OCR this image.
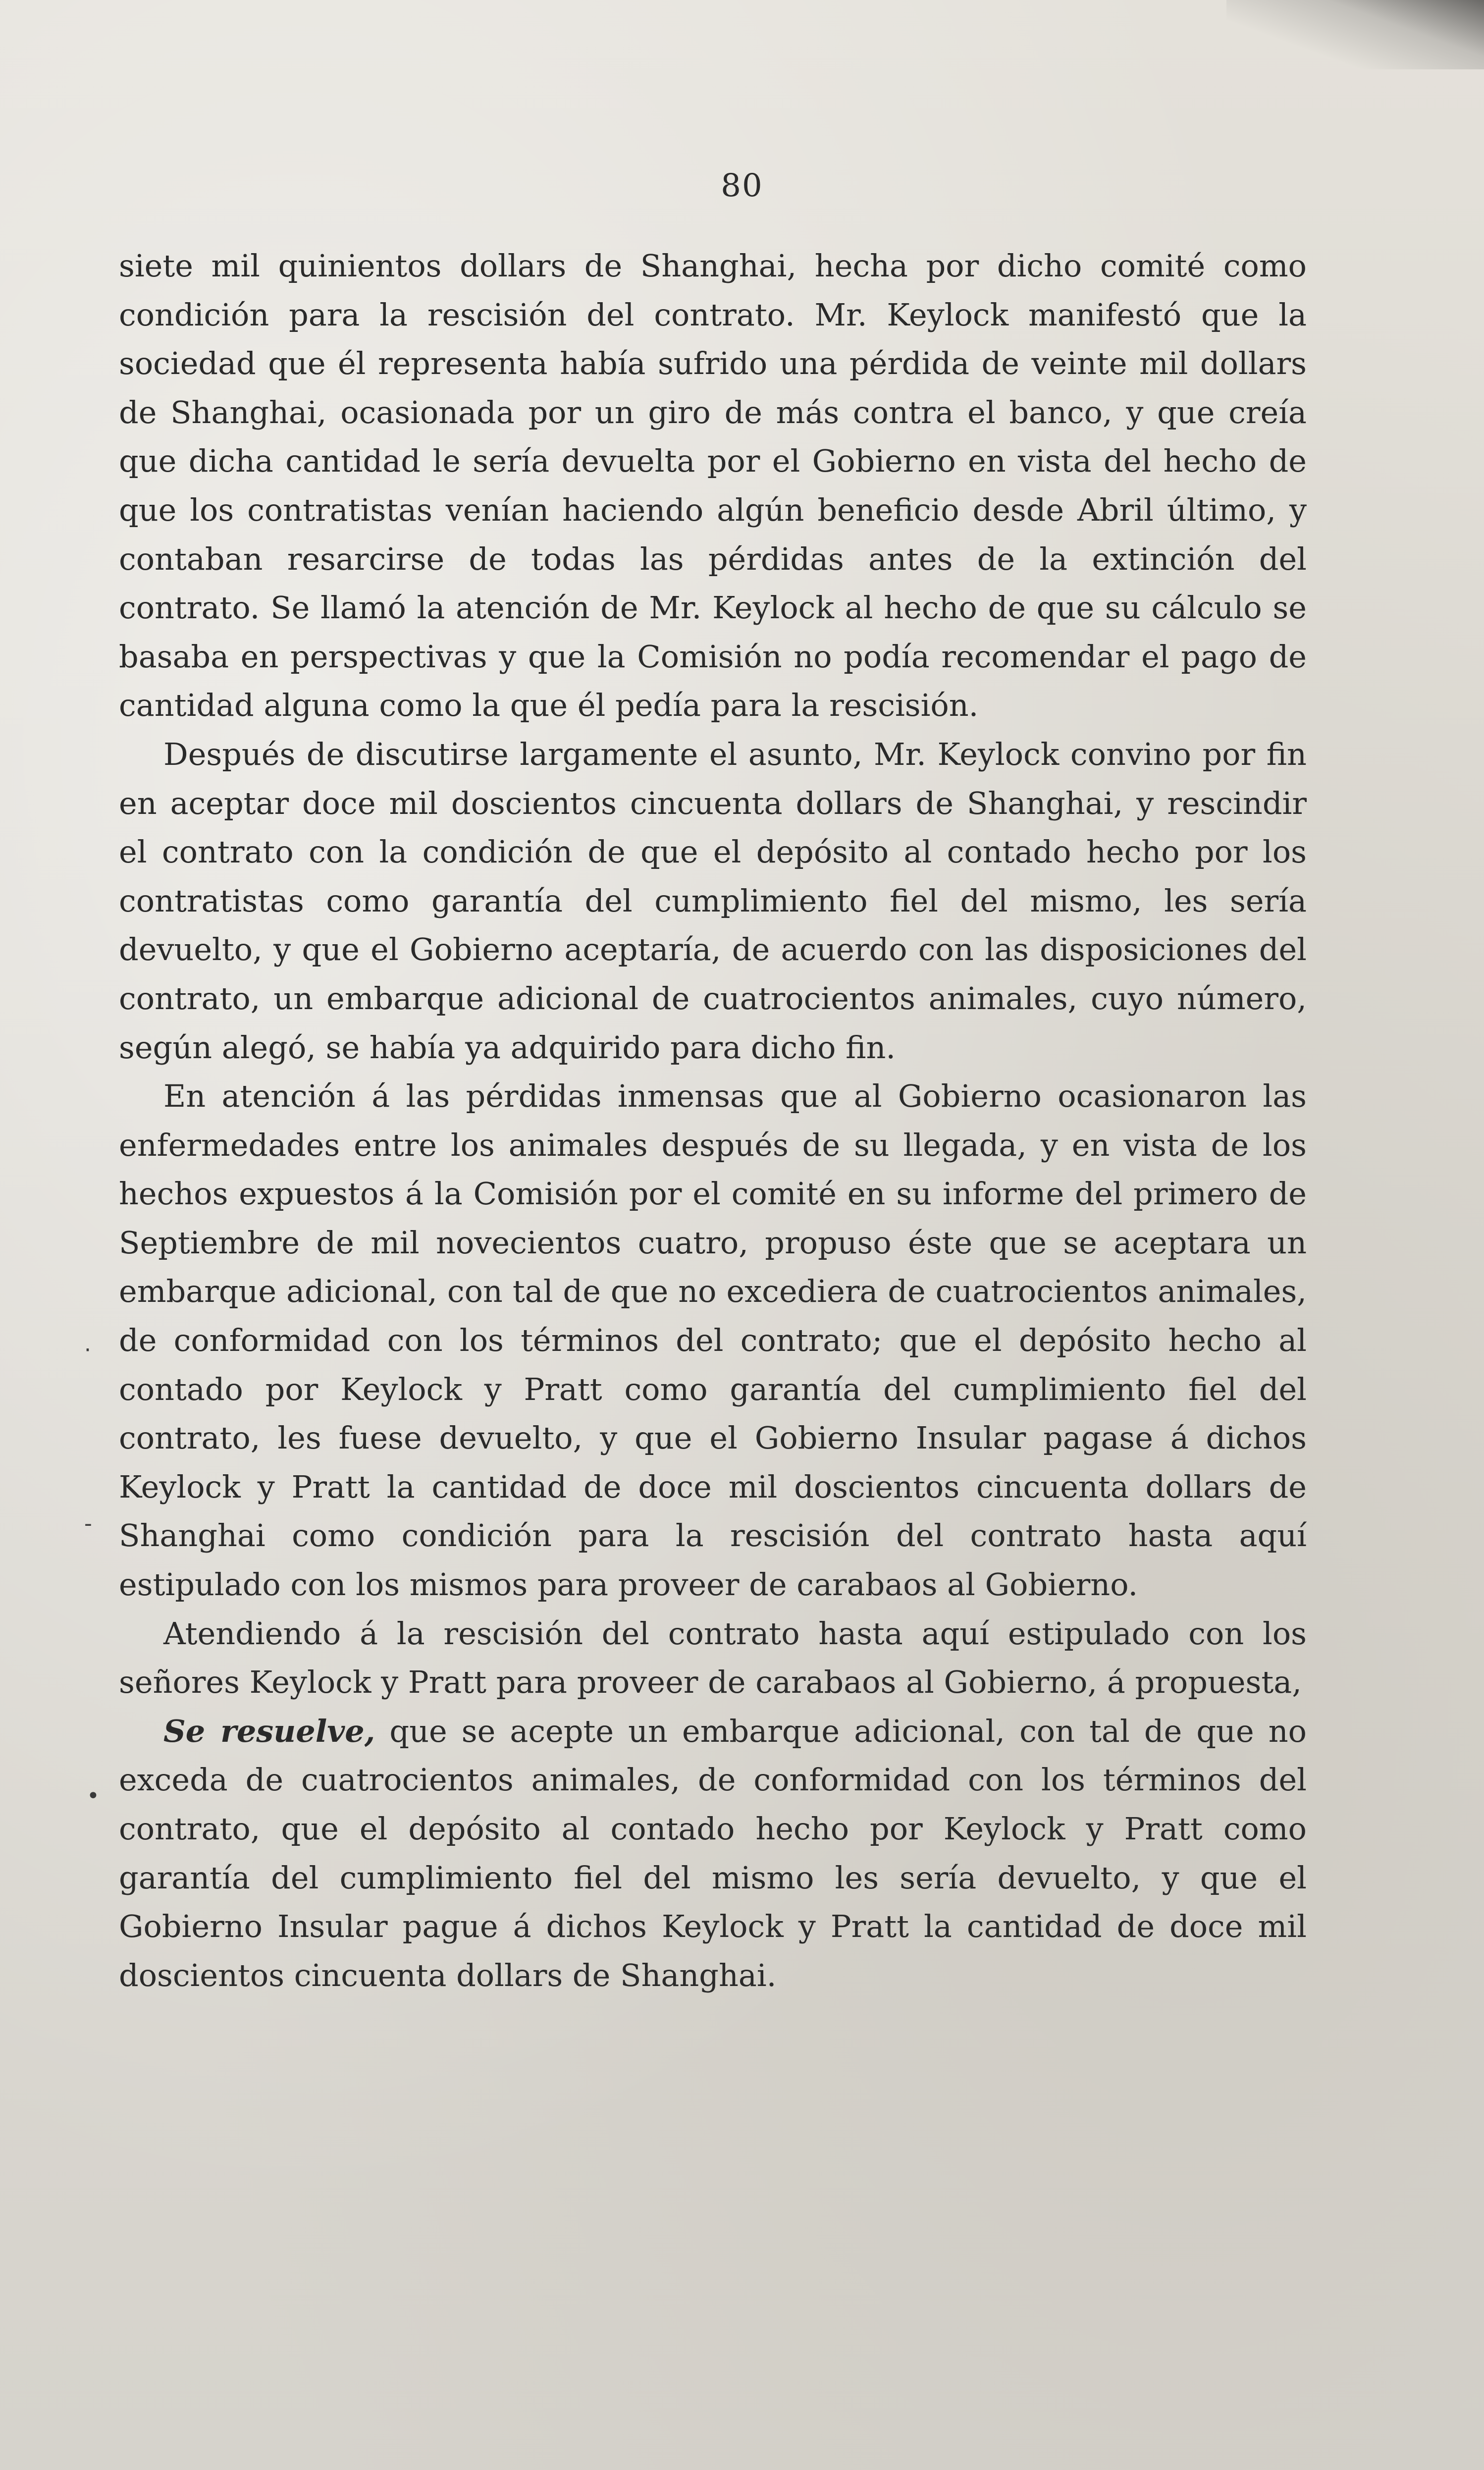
80

siete mil quinientos dollars de Shanghai, hecha por dicho comité como condición para la rescisión del contrato. Mr. Keylock manifestó que la sociedad que él representa había sufrido una pérdida de veinte mil dollars de Shanghai, ocasionada por un giro de más contra el banco, y que creía que dicha cantidad le sería devuelta por el Gobierno en vista del hecho de que los contratistas venían haciendo algún beneficio desde Abril último, y contaban resarcirse de todas las pérdidas antes de la extinción del contrato. Se llamó la atención de Mr. Keylock al hecho de que su cálculo se basaba en perspectivas y que la Comisión no podía recomendar el pago de cantidad alguna como la que él pedía para la rescisión.

Después de discutirse largamente el asunto, Mr. Keylock convino por fin en aceptar doce mil doscientos cincuenta dollars de Shanghai, y rescindir el contrato con la condición de que el depósito al contado hecho por los contratistas como garantía del cumplimiento fiel del mismo, les sería devuelto, y que el Gobierno aceptaría, de acuerdo con las disposiciones del contrato, un embarque adicional de cuatrocientos animales, cuyo número, según alegó, se había ya adquirido para dicho fin.

En atención á las pérdidas inmensas que al Gobierno ocasionaron las enfermedades entre los animales después de su llegada, y en vista de los hechos expuestos á la Comisión por el comité en su informe del primero de Septiembre de mil novecientos cuatro, propuso éste que se aceptara un embarque adicional, con tal de que no excediera de cuatrocientos animales, de conformidad con los términos del contrato; que el depósito hecho al contado por Keylock y Pratt como garantía del cumplimiento fiel del contrato, les fuese devuelto, y que el Gobierno Insular pagase á dichos Keylock y Pratt la cantidad de doce mil doscientos cincuenta dollars de Shanghai como condición para la rescisión del contrato hasta aquí estipulado con los mismos para proveer de carabaos al Gobierno.

Atendiendo á la rescisión del contrato hasta aquí estipulado con los señores Keylock y Pratt para proveer de carabaos al Gobierno, á propuesta,

Se resuelve, que se acepte un embarque adicional, con tal de que no exceda de cuatrocientos animales, de conformidad con los términos del contrato, que el depósito al contado hecho por Keylock y Pratt como garantía del cumplimiento fiel del mismo les sería devuelto, y que el Gobierno Insular pague á dichos Keylock y Pratt la cantidad de doce mil doscientos cincuenta dollars de Shanghai.

·
-
•
